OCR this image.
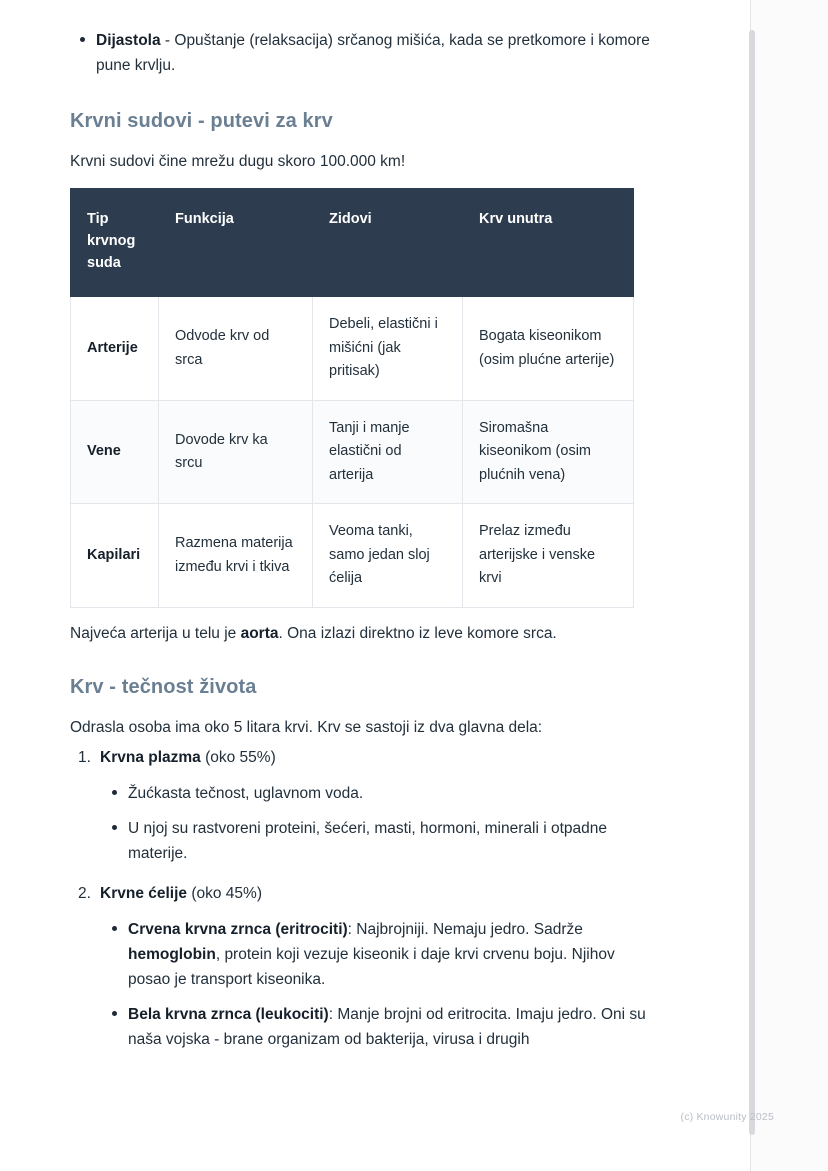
Dijastola - Opuštanje (relaksacija) srčanog mišića, kada se pretkomore i komore pune krvlju.
Krvni sudovi - putevi za krv

Krvni sudovi čine mrežu dugu skoro 100.000 km!

Tip krvnog suda	Funkcija	Zidovi	Krv unutra
Arterije	Odvode krv od srca	Debeli, elastični i mišićni (jak pritisak)	Bogata kiseonikom (osim plućne arterije)
Vene	Dovode krv ka srcu	Tanji i manje elastični od arterija	Siromašna kiseonikom (osim plućnih vena)
Kapilari	Razmena materija između krvi i tkiva	Veoma tanki, samo jedan sloj ćelija	Prelaz između arterijske i venske krvi

Najveća arterija u telu je aorta. Ona izlazi direktno iz leve komore srca.

Krv - tečnost života

Odrasla osoba ima oko 5 litara krvi. Krv se sastoji iz dva glavna dela:

Krvna plazma (oko 55%)
Žućkasta tečnost, uglavnom voda.
U njoj su rastvoreni proteini, šećeri, masti, hormoni, minerali i otpadne materije.
Krvne ćelije (oko 45%)
Crvena krvna zrnca (eritrociti): Najbrojniji. Nemaju jedro. Sadrže hemoglobin, protein koji vezuje kiseonik i daje krvi crvenu boju. Njihov posao je transport kiseonika.
Bela krvna zrnca (leukociti): Manje brojni od eritrocita. Imaju jedro. Oni su naša vojska - brane organizam od bakterija, virusa i drugih
(c) Knowunity 2025
